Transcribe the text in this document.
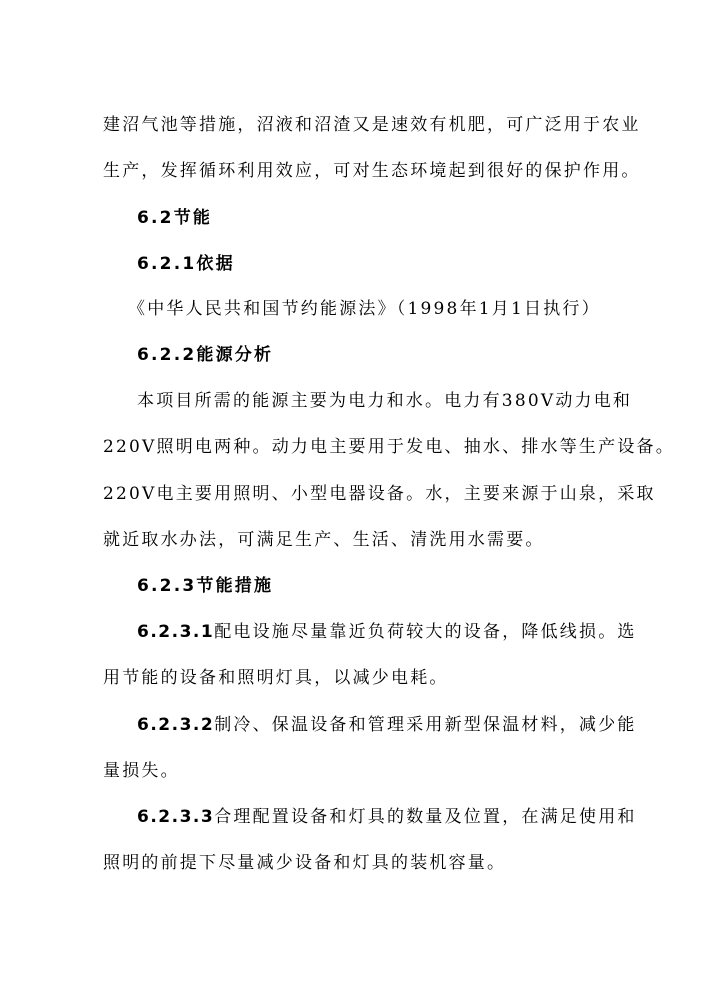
建沼气池等措施，沼液和沼渣又是速效有机肥，可广泛用于农业
生产，发挥循环利用效应，可对生态环境起到很好的保护作用。
6.2节能
6.2.1依据
《中华人民共和国节约能源法》（1998年1月1日执行）
6.2.2能源分析
本项目所需的能源主要为电力和水。电力有380V动力电和
220V照明电两种。动力电主要用于发电、抽水、排水等生产设备。
220V电主要用照明、小型电器设备。水，主要来源于山泉，采取
就近取水办法，可满足生产、生活、清洗用水需要。
6.2.3节能措施
6.2.3.1配电设施尽量靠近负荷较大的设备，降低线损。选
用节能的设备和照明灯具，以减少电耗。
6.2.3.2制冷、保温设备和管理采用新型保温材料，减少能
量损失。
6.2.3.3合理配置设备和灯具的数量及位置，在满足使用和
照明的前提下尽量减少设备和灯具的装机容量。
